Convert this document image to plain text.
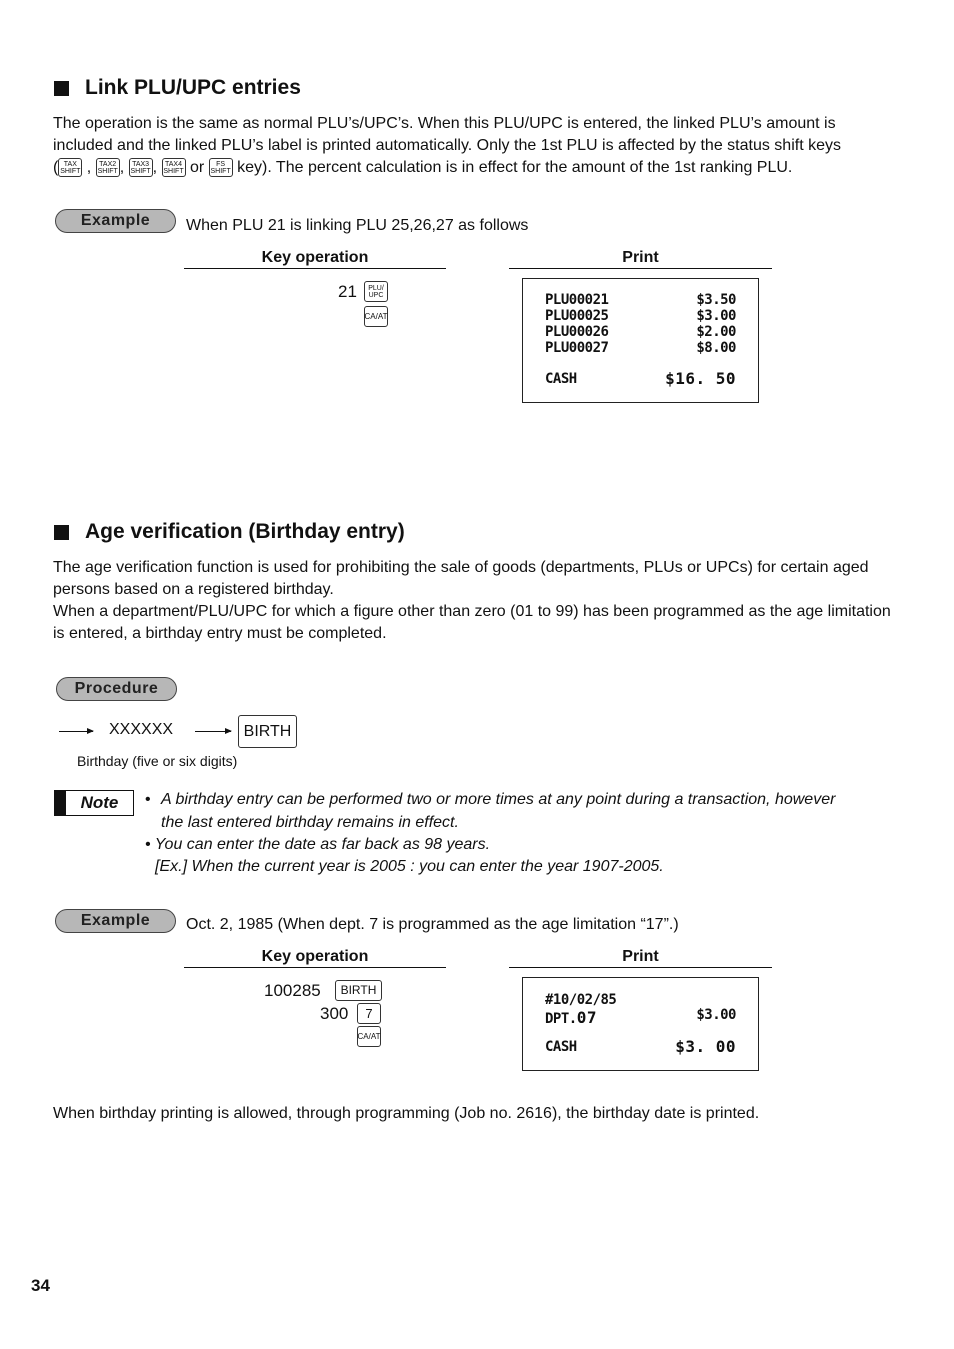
Link PLU/UPC entries
The operation is the same as normal PLU’s/UPC’s. When this PLU/UPC is entered, the linked PLU’s amount is included and the linked PLU’s label is printed automatically. Only the 1st PLU is affected by the status shift keys
( TAX
SHIFT , TAX2
SHIFT , TAX3
SHIFT , TAX4
SHIFT or	FS
SHIFT key). The percent calculation is in effect for the amount of the 1st ranking PLU.
Example	When PLU 21 is linking PLU 25,26,27 as follows
Key operation	Print
21 PLU/
UPC
CA/AT
PLU00021	$3.50
PLU00025	$3.00
PLU00026	$2.00
PLU00027	$8.00
CASH	$16. 50
Age verification (Birthday entry)
The age verification function is used for prohibiting the sale of goods (departments, PLUs or UPCs) for certain aged persons based on a registered birthday.
When a department/PLU/UPC for which a figure other than zero (01 to 99) has been programmed as the age limitation is entered, a birthday entry must be completed.
Procedure
XXXXXX	BIRTH
Birthday (five or six digits)
Note	• A birthday entry can be performed two or more times at any point during a transaction, however
the last entered birthday remains in effect.
• You can enter the date as far back as 98 years.
[Ex.] When the current year is 2005 : you can enter the year 1907-2005.
Example	Oct. 2, 1985 (When dept. 7 is programmed as the age limitation “17”.)
Key operation	Print
100285	BIRTH
300	7
CA/AT
#10/02/85
DPT.07	$3.00
CASH	$3. 00
When birthday printing is allowed, through programming (Job no. 2616), the birthday date is printed.
34
